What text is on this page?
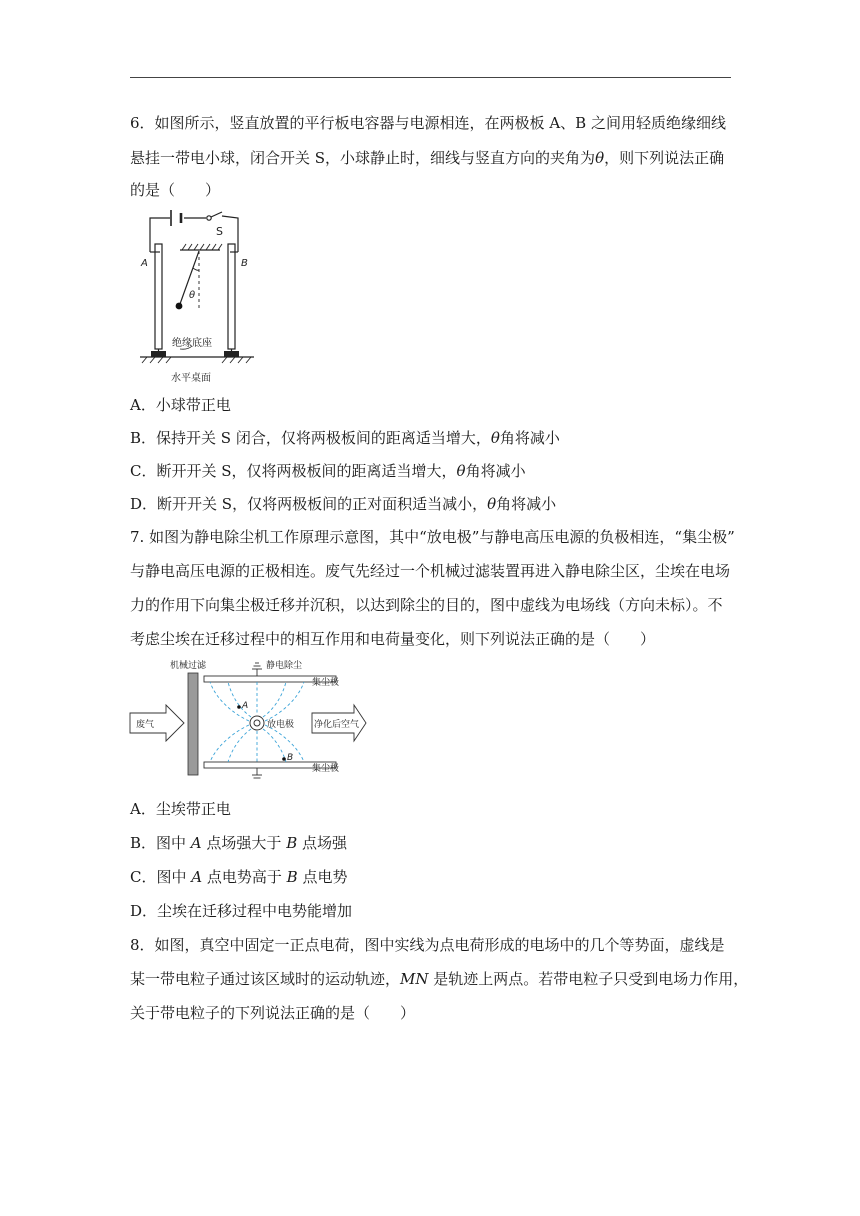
6．如图所示，竖直放置的平行板电容器与电源相连，在两极板 A、B 之间用轻质绝缘细线
悬挂一带电小球，闭合开关 S，小球静止时，细线与竖直方向的夹角为θ，则下列说法正确
的是（　　）
S
A	B
θ
绝缘底座
水平桌面
A．小球带正电
B．保持开关 S 闭合，仅将两极板间的距离适当增大，θ角将减小
C．断开开关 S，仅将两极板间的距离适当增大，θ角将减小
D．断开开关 S，仅将两极板间的正对面积适当减小，θ角将减小
7. 如图为静电除尘机工作原理示意图，其中“放电极”与静电高压电源的负极相连，“集尘极”
与静电高压电源的正极相连。废气先经过一个机械过滤装置再进入静电除尘区，尘埃在电场
力的作用下向集尘极迁移并沉积，以达到除尘的目的，图中虚线为电场线（方向未标）。不
考虑尘埃在迁移过程中的相互作用和电荷量变化，则下列说法正确的是（　　）
机械过滤	静电除尘
集尘极
集尘极
放电极
废气	净化后空气
A
B
A．尘埃带正电
B．图中 A 点场强大于 B 点场强
C．图中 A 点电势高于 B 点电势
D．尘埃在迁移过程中电势能增加
8．如图，真空中固定一正点电荷，图中实线为点电荷形成的电场中的几个等势面，虚线是
某一带电粒子通过该区域时的运动轨迹，MN 是轨迹上两点。若带电粒子只受到电场力作用，
关于带电粒子的下列说法正确的是（　　）
